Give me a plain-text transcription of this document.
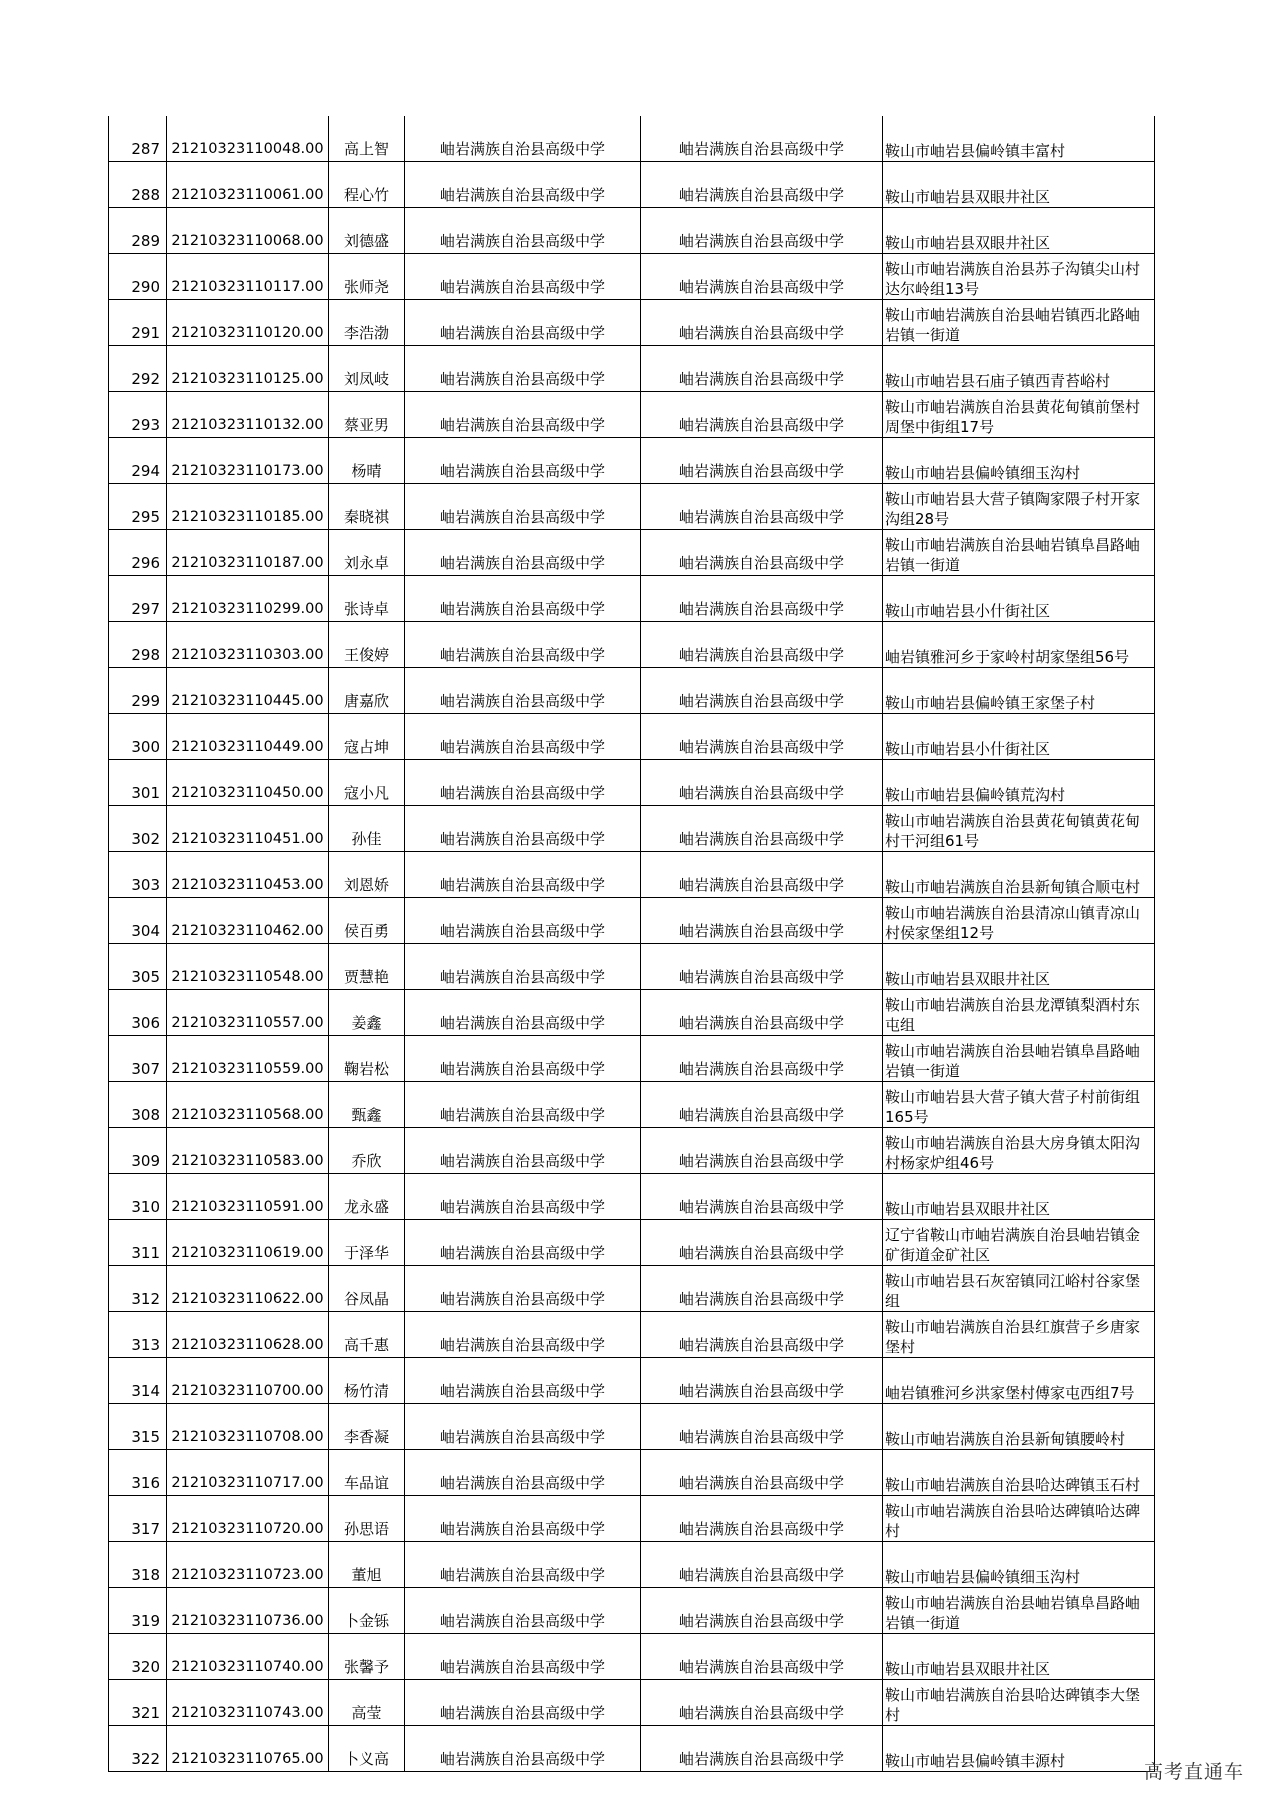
287	21210323110048.00	高上智	岫岩满族自治县高级中学	岫岩满族自治县高级中学	鞍山市岫岩县偏岭镇丰富村
288	21210323110061.00	程心竹	岫岩满族自治县高级中学	岫岩满族自治县高级中学	鞍山市岫岩县双眼井社区
289	21210323110068.00	刘德盛	岫岩满族自治县高级中学	岫岩满族自治县高级中学	鞍山市岫岩县双眼井社区
290	21210323110117.00	张师尧	岫岩满族自治县高级中学	岫岩满族自治县高级中学	鞍山市岫岩满族自治县苏子沟镇尖山村达尔岭组13号
291	21210323110120.00	李浩渤	岫岩满族自治县高级中学	岫岩满族自治县高级中学	鞍山市岫岩满族自治县岫岩镇西北路岫岩镇一街道
292	21210323110125.00	刘凤岐	岫岩满族自治县高级中学	岫岩满族自治县高级中学	鞍山市岫岩县石庙子镇西青苔峪村
293	21210323110132.00	蔡亚男	岫岩满族自治县高级中学	岫岩满族自治县高级中学	鞍山市岫岩满族自治县黄花甸镇前堡村周堡中街组17号
294	21210323110173.00	杨晴	岫岩满族自治县高级中学	岫岩满族自治县高级中学	鞍山市岫岩县偏岭镇细玉沟村
295	21210323110185.00	秦晓祺	岫岩满族自治县高级中学	岫岩满族自治县高级中学	鞍山市岫岩县大营子镇陶家隈子村开家沟组28号
296	21210323110187.00	刘永卓	岫岩满族自治县高级中学	岫岩满族自治县高级中学	鞍山市岫岩满族自治县岫岩镇阜昌路岫岩镇一街道
297	21210323110299.00	张诗卓	岫岩满族自治县高级中学	岫岩满族自治县高级中学	鞍山市岫岩县小什街社区
298	21210323110303.00	王俊婷	岫岩满族自治县高级中学	岫岩满族自治县高级中学	岫岩镇雅河乡于家岭村胡家堡组56号
299	21210323110445.00	唐嘉欣	岫岩满族自治县高级中学	岫岩满族自治县高级中学	鞍山市岫岩县偏岭镇王家堡子村
300	21210323110449.00	寇占坤	岫岩满族自治县高级中学	岫岩满族自治县高级中学	鞍山市岫岩县小什街社区
301	21210323110450.00	寇小凡	岫岩满族自治县高级中学	岫岩满族自治县高级中学	鞍山市岫岩县偏岭镇荒沟村
302	21210323110451.00	孙佳	岫岩满族自治县高级中学	岫岩满族自治县高级中学	鞍山市岫岩满族自治县黄花甸镇黄花甸村干河组61号
303	21210323110453.00	刘恩娇	岫岩满族自治县高级中学	岫岩满族自治县高级中学	鞍山市岫岩满族自治县新甸镇合顺屯村
304	21210323110462.00	侯百勇	岫岩满族自治县高级中学	岫岩满族自治县高级中学	鞍山市岫岩满族自治县清凉山镇青凉山村侯家堡组12号
305	21210323110548.00	贾慧艳	岫岩满族自治县高级中学	岫岩满族自治县高级中学	鞍山市岫岩县双眼井社区
306	21210323110557.00	姜鑫	岫岩满族自治县高级中学	岫岩满族自治县高级中学	鞍山市岫岩满族自治县龙潭镇梨酒村东屯组
307	21210323110559.00	鞠岩松	岫岩满族自治县高级中学	岫岩满族自治县高级中学	鞍山市岫岩满族自治县岫岩镇阜昌路岫岩镇一街道
308	21210323110568.00	甄鑫	岫岩满族自治县高级中学	岫岩满族自治县高级中学	鞍山市岫岩县大营子镇大营子村前街组165号
309	21210323110583.00	乔欣	岫岩满族自治县高级中学	岫岩满族自治县高级中学	鞍山市岫岩满族自治县大房身镇太阳沟村杨家炉组46号
310	21210323110591.00	龙永盛	岫岩满族自治县高级中学	岫岩满族自治县高级中学	鞍山市岫岩县双眼井社区
311	21210323110619.00	于泽华	岫岩满族自治县高级中学	岫岩满族自治县高级中学	辽宁省鞍山市岫岩满族自治县岫岩镇金矿街道金矿社区
312	21210323110622.00	谷凤晶	岫岩满族自治县高级中学	岫岩满族自治县高级中学	鞍山市岫岩县石灰窑镇同江峪村谷家堡组
313	21210323110628.00	高千惠	岫岩满族自治县高级中学	岫岩满族自治县高级中学	鞍山市岫岩满族自治县红旗营子乡唐家堡村
314	21210323110700.00	杨竹清	岫岩满族自治县高级中学	岫岩满族自治县高级中学	岫岩镇雅河乡洪家堡村傅家屯西组7号
315	21210323110708.00	李香凝	岫岩满族自治县高级中学	岫岩满族自治县高级中学	鞍山市岫岩满族自治县新甸镇腰岭村
316	21210323110717.00	车品谊	岫岩满族自治县高级中学	岫岩满族自治县高级中学	鞍山市岫岩满族自治县哈达碑镇玉石村
317	21210323110720.00	孙思语	岫岩满族自治县高级中学	岫岩满族自治县高级中学	鞍山市岫岩满族自治县哈达碑镇哈达碑村
318	21210323110723.00	董旭	岫岩满族自治县高级中学	岫岩满族自治县高级中学	鞍山市岫岩县偏岭镇细玉沟村
319	21210323110736.00	卜金铄	岫岩满族自治县高级中学	岫岩满族自治县高级中学	鞍山市岫岩满族自治县岫岩镇阜昌路岫岩镇一街道
320	21210323110740.00	张馨予	岫岩满族自治县高级中学	岫岩满族自治县高级中学	鞍山市岫岩县双眼井社区
321	21210323110743.00	高莹	岫岩满族自治县高级中学	岫岩满族自治县高级中学	鞍山市岫岩满族自治县哈达碑镇李大堡村
322	21210323110765.00	卜义高	岫岩满族自治县高级中学	岫岩满族自治县高级中学	鞍山市岫岩县偏岭镇丰源村	高考直通车
